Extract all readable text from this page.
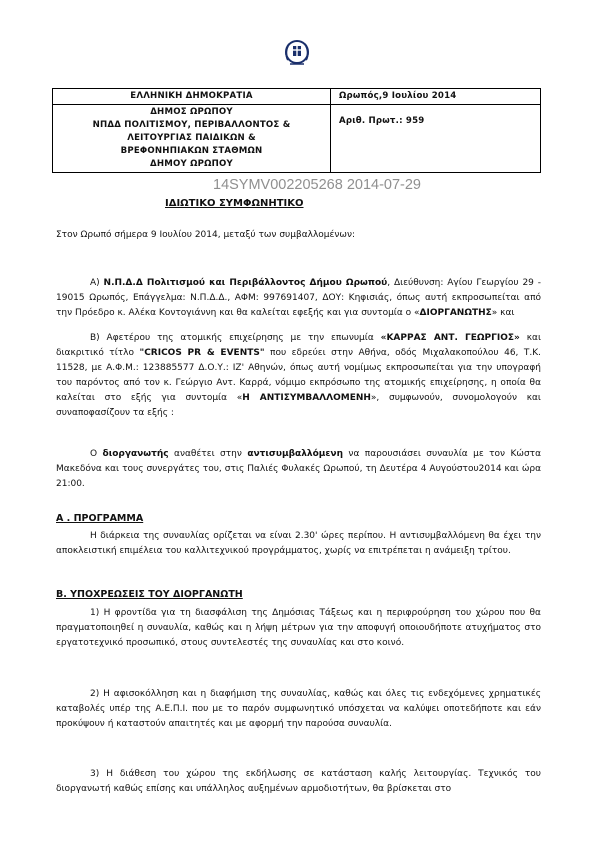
ΕΛΛΗΝΙΚΗ ΔΗΜΟΚΡΑΤΙΑ	Ωρωπός,9 Ιουλίου 2014

ΔΗΜΟΣ ΩΡΩΠΟΥ
ΝΠΔΔ ΠΟΛΙΤΙΣΜΟΥ, ΠΕΡΙΒΑΛΛΟΝΤΟΣ &
ΛΕΙΤΟΥΡΓΙΑΣ ΠΑΙΔΙΚΩΝ &
ΒΡΕΦΟΝΗΠΙΑΚΩΝ ΣΤΑΘΜΩΝ
ΔΗΜΟΥ ΩΡΩΠΟΥ	Αριθ. Πρωτ.: 959
14SYMV002205268 2014-07-29
ΙΔΙΩΤΙΚΟ ΣΥΜΦΩΝΗΤΙΚΟ
Στον Ωρωπό σήμερα 9 Ιουλίου 2014, μεταξύ των συμβαλλομένων:
Α) Ν.Π.Δ.Δ Πολιτισμού και Περιβάλλοντος Δήμου Ωρωπού, Διεύθυνση: Αγίου Γεωργίου 29 - 19015 Ωρωπός, Επάγγελμα: Ν.Π.Δ.Δ., ΑΦΜ: 997691407, ΔΟΥ: Κηφισιάς, όπως αυτή εκπροσωπείται από την Πρόεδρο κ. Αλέκα Κοντογιάννη και θα καλείται εφεξής και για συντομία ο «ΔΙΟΡΓΑΝΩΤΗΣ» και
Β) Αφετέρου της ατομικής επιχείρησης με την επωνυμία «ΚΑΡΡΑΣ ΑΝΤ. ΓΕΩΡΓΙΟΣ» και διακριτικό τίτλο "CRICOS PR & EVENTS" που εδρεύει στην Αθήνα, οδός Μιχαλακοπούλου 46, Τ.Κ. 11528, με Α.Φ.Μ.: 123885577 Δ.Ο.Υ.: ΙΖ' Αθηνών, όπως αυτή νομίμως εκπροσωπείται για την υπογραφή του παρόντος από τον κ. Γεώργιο Αντ. Καρρά, νόμιμο εκπρόσωπο της ατομικής επιχείρησης, η οποία θα καλείται στο εξής για συντομία «Η ΑΝΤΙΣΥΜΒΑΛΛΟΜΕΝΗ», συμφωνούν, συνομολογούν και συναποφασίζουν τα εξής :
Ο διοργανωτής αναθέτει στην αντισυμβαλλόμενη να παρουσιάσει συναυλία με τον Κώστα Μακεδόνα και τους συνεργάτες του, στις Παλιές Φυλακές Ωρωπού, τη Δευτέρα 4 Αυγούστου2014 και ώρα 21:00.
Α . ΠΡΟΓΡΑΜΜΑ
Η διάρκεια της συναυλίας ορίζεται να είναι 2.30' ώρες περίπου. Η αντισυμβαλλόμενη θα έχει την αποκλειστική επιμέλεια του καλλιτεχνικού προγράμματος, χωρίς να επιτρέπεται η ανάμειξη τρίτου.
Β. ΥΠΟΧΡΕΩΣΕΙΣ ΤΟΥ ΔΙΟΡΓΑΝΩΤΗ
1) Η φροντίδα για τη διασφάλιση της Δημόσιας Τάξεως και η περιφρούρηση του χώρου που θα πραγματοποιηθεί η συναυλία, καθώς και η λήψη μέτρων για την αποφυγή οποιουδήποτε ατυχήματος στο εργατοτεχνικό προσωπικό, στους συντελεστές της συναυλίας και στο κοινό.
2) Η αφισοκόλληση και η διαφήμιση της συναυλίας, καθώς και όλες τις ενδεχόμενες χρηματικές καταβολές υπέρ της Α.Ε.Π.Ι. που με το παρόν συμφωνητικό υπόσχεται να καλύψει οποτεδήποτε και εάν προκύψουν ή καταστούν απαιτητές και με αφορμή την παρούσα συναυλία.
3) Η διάθεση του χώρου της εκδήλωσης σε κατάσταση καλής λειτουργίας. Τεχνικός του διοργανωτή καθώς επίσης και υπάλληλος αυξημένων αρμοδιοτήτων, θα βρίσκεται στο
